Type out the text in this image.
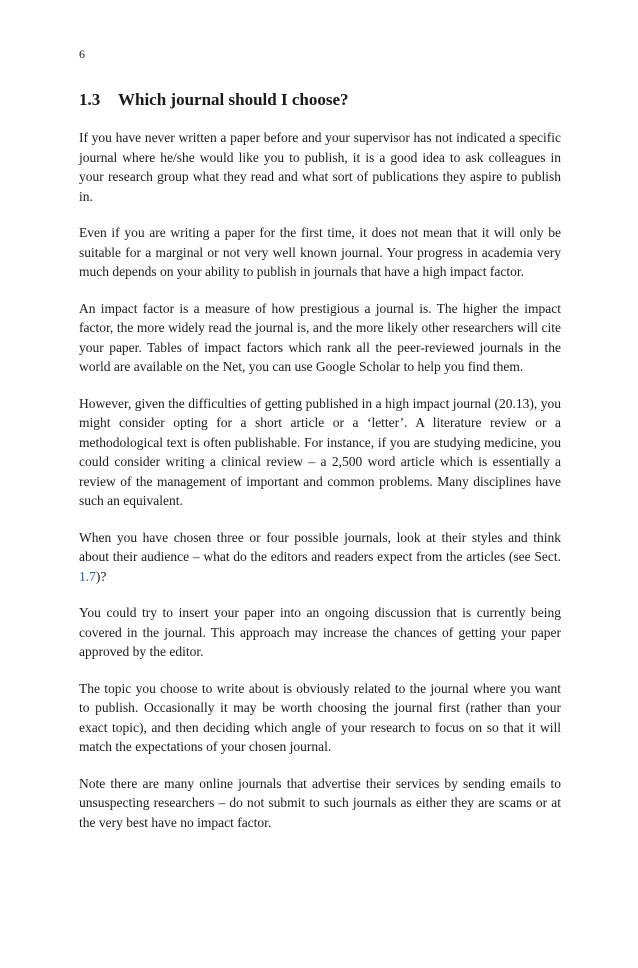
6
1.3 Which journal should I choose?

If you have never written a paper before and your supervisor has not indicated a specific journal where he/she would like you to publish, it is a good idea to ask colleagues in your research group what they read and what sort of publications they aspire to publish in.

Even if you are writing a paper for the first time, it does not mean that it will only be suitable for a marginal or not very well known journal. Your progress in academia very much depends on your ability to publish in journals that have a high impact factor.

An impact factor is a measure of how prestigious a journal is. The higher the impact factor, the more widely read the journal is, and the more likely other researchers will cite your paper. Tables of impact factors which rank all the peer-reviewed journals in the world are available on the Net, you can use Google Scholar to help you find them.

However, given the difficulties of getting published in a high impact journal (20.13), you might consider opting for a short article or a ‘letter’. A literature review or a methodological text is often publishable. For instance, if you are studying medicine, you could consider writing a clinical review – a 2,500 word article which is essentially a review of the management of important and common problems. Many disciplines have such an equivalent.

When you have chosen three or four possible journals, look at their styles and think about their audience – what do the editors and readers expect from the articles (see Sect. 1.7)?

You could try to insert your paper into an ongoing discussion that is currently being covered in the journal. This approach may increase the chances of getting your paper approved by the editor.

The topic you choose to write about is obviously related to the journal where you want to publish. Occasionally it may be worth choosing the journal first (rather than your exact topic), and then deciding which angle of your research to focus on so that it will match the expectations of your chosen journal.

Note there are many online journals that advertise their services by sending emails to unsuspecting researchers – do not submit to such journals as either they are scams or at the very best have no impact factor.
